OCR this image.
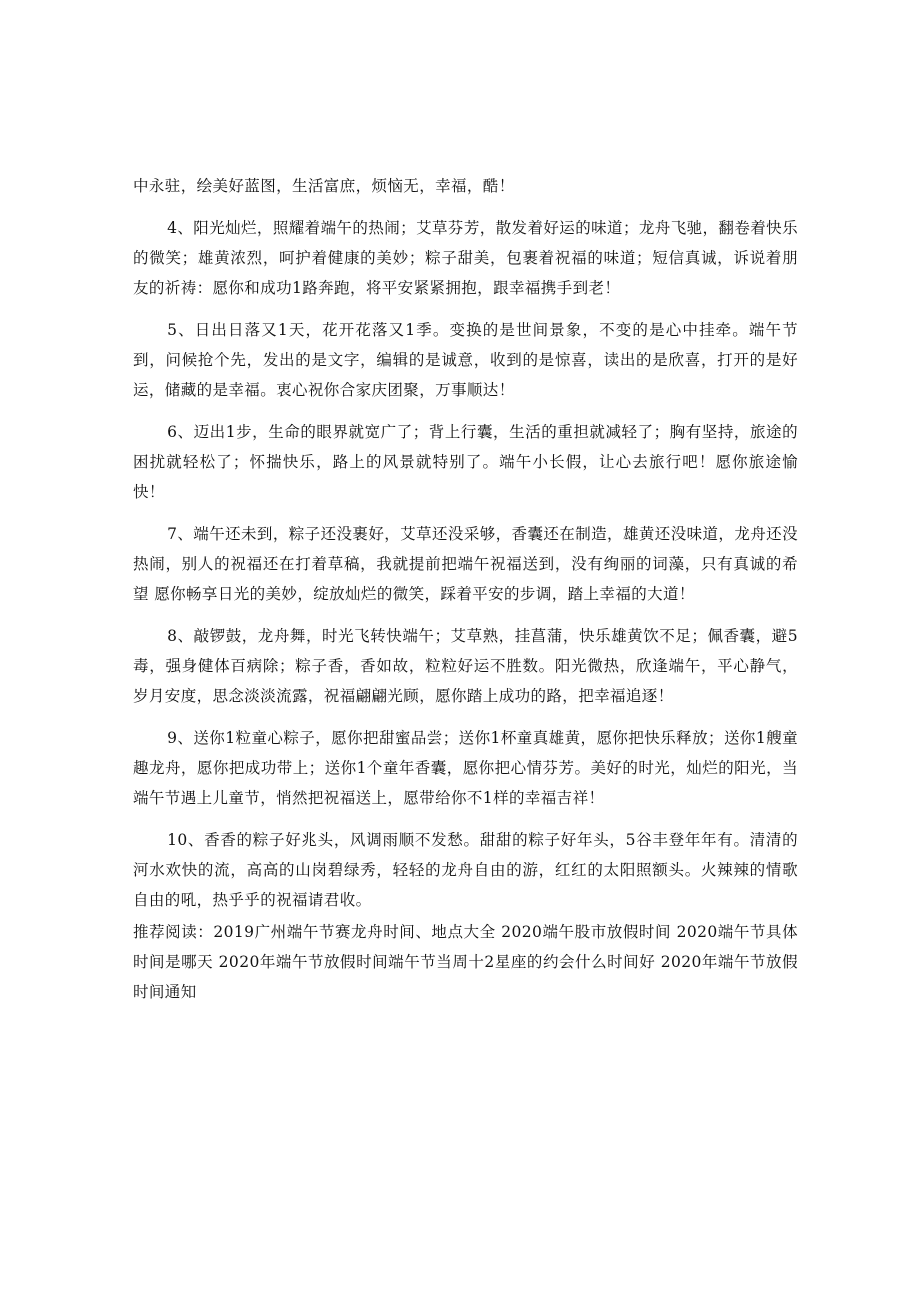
中永驻，绘美好蓝图，生活富庶，烦恼无，幸福，酷！

4、阳光灿烂，照耀着端午的热闹；艾草芬芳，散发着好运的味道；龙舟飞驰，翻卷着快乐的微笑；雄黄浓烈，呵护着健康的美妙；粽子甜美，包裹着祝福的味道；短信真诚，诉说着朋友的祈祷：愿你和成功1路奔跑，将平安紧紧拥抱，跟幸福携手到老！

5、日出日落又1天，花开花落又1季。变换的是世间景象，不变的是心中挂牵。端午节到，问候抢个先，发出的是文字，编辑的是诚意，收到的是惊喜，读出的是欣喜，打开的是好运，储藏的是幸福。衷心祝你合家庆团聚，万事顺达！

6、迈出1步，生命的眼界就宽广了；背上行囊，生活的重担就减轻了；胸有坚持，旅途的困扰就轻松了；怀揣快乐，路上的风景就特别了。端午小长假，让心去旅行吧！愿你旅途愉快！

7、端午还未到，粽子还没裹好，艾草还没采够，香囊还在制造，雄黄还没味道，龙舟还没热闹，别人的祝福还在打着草稿，我就提前把端午祝福送到，没有绚丽的词藻，只有真诚的希望 愿你畅享日光的美妙，绽放灿烂的微笑，踩着平安的步调，踏上幸福的大道！

8、敲锣鼓，龙舟舞，时光飞转快端午；艾草熟，挂菖蒲，快乐雄黄饮不足；佩香囊，避5毒，强身健体百病除；粽子香，香如故，粒粒好运不胜数。阳光微热，欣逢端午，平心静气，岁月安度，思念淡淡流露，祝福翩翩光顾，愿你踏上成功的路，把幸福追逐！

9、送你1粒童心粽子，愿你把甜蜜品尝；送你1杯童真雄黄，愿你把快乐释放；送你1艘童趣龙舟，愿你把成功带上；送你1个童年香囊，愿你把心情芬芳。美好的时光，灿烂的阳光，当端午节遇上儿童节，悄然把祝福送上，愿带给你不1样的幸福吉祥！

10、香香的粽子好兆头，风调雨顺不发愁。甜甜的粽子好年头，5谷丰登年年有。清清的河水欢快的流，高高的山岗碧绿秀，轻轻的龙舟自由的游，红红的太阳照额头。火辣辣的情歌自由的吼，热乎乎的祝福请君收。

推荐阅读：2019广州端午节赛龙舟时间、地点大全 2020端午股市放假时间 2020端午节具体时间是哪天 2020年端午节放假时间端午节当周十2星座的约会什么时间好 2020年端午节放假时间通知
